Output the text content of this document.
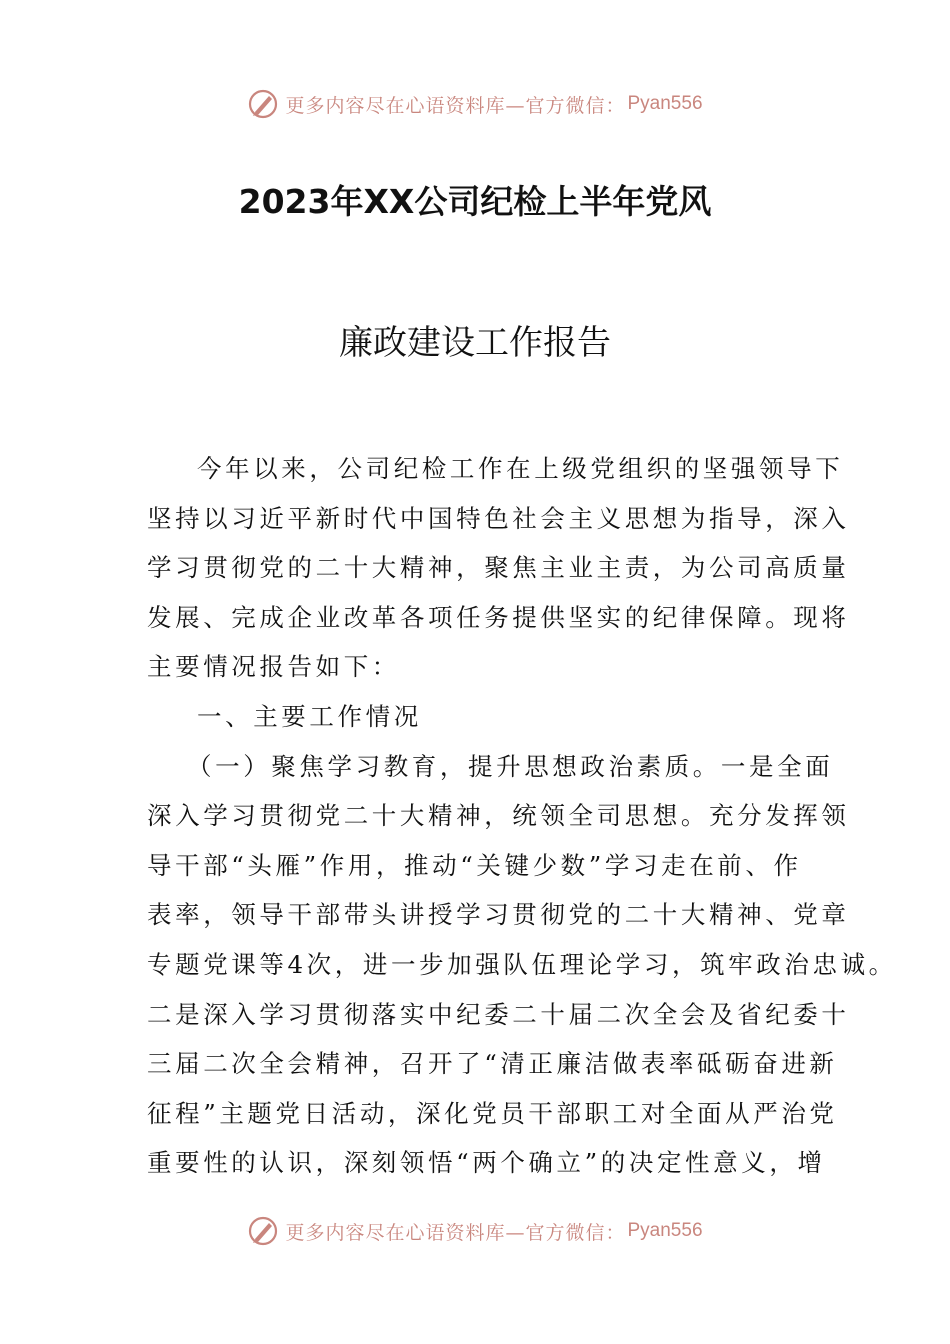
更多内容尽在心语资料库—官方微信： Pyan556
2023年XX公司纪检上半年党风
廉政建设工作报告
今年以来，公司纪检工作在上级党组织的坚强领导下
坚持以习近平新时代中国特色社会主义思想为指导，深入
学习贯彻党的二十大精神，聚焦主业主责，为公司高质量
发展、完成企业改革各项任务提供坚实的纪律保障。现将
主要情况报告如下：
一、主要工作情况
（一）聚焦学习教育，提升思想政治素质。一是全面
深入学习贯彻党二十大精神，统领全司思想。充分发挥领
导干部“头雁”作用，推动“关键少数”学习走在前、作
表率，领导干部带头讲授学习贯彻党的二十大精神、党章
专题党课等4次，进一步加强队伍理论学习，筑牢政治忠诚。
二是深入学习贯彻落实中纪委二十届二次全会及省纪委十
三届二次全会精神，召开了“清正廉洁做表率砥砺奋进新
征程”主题党日活动，深化党员干部职工对全面从严治党
重要性的认识，深刻领悟“两个确立”的决定性意义，增
更多内容尽在心语资料库—官方微信： Pyan556
